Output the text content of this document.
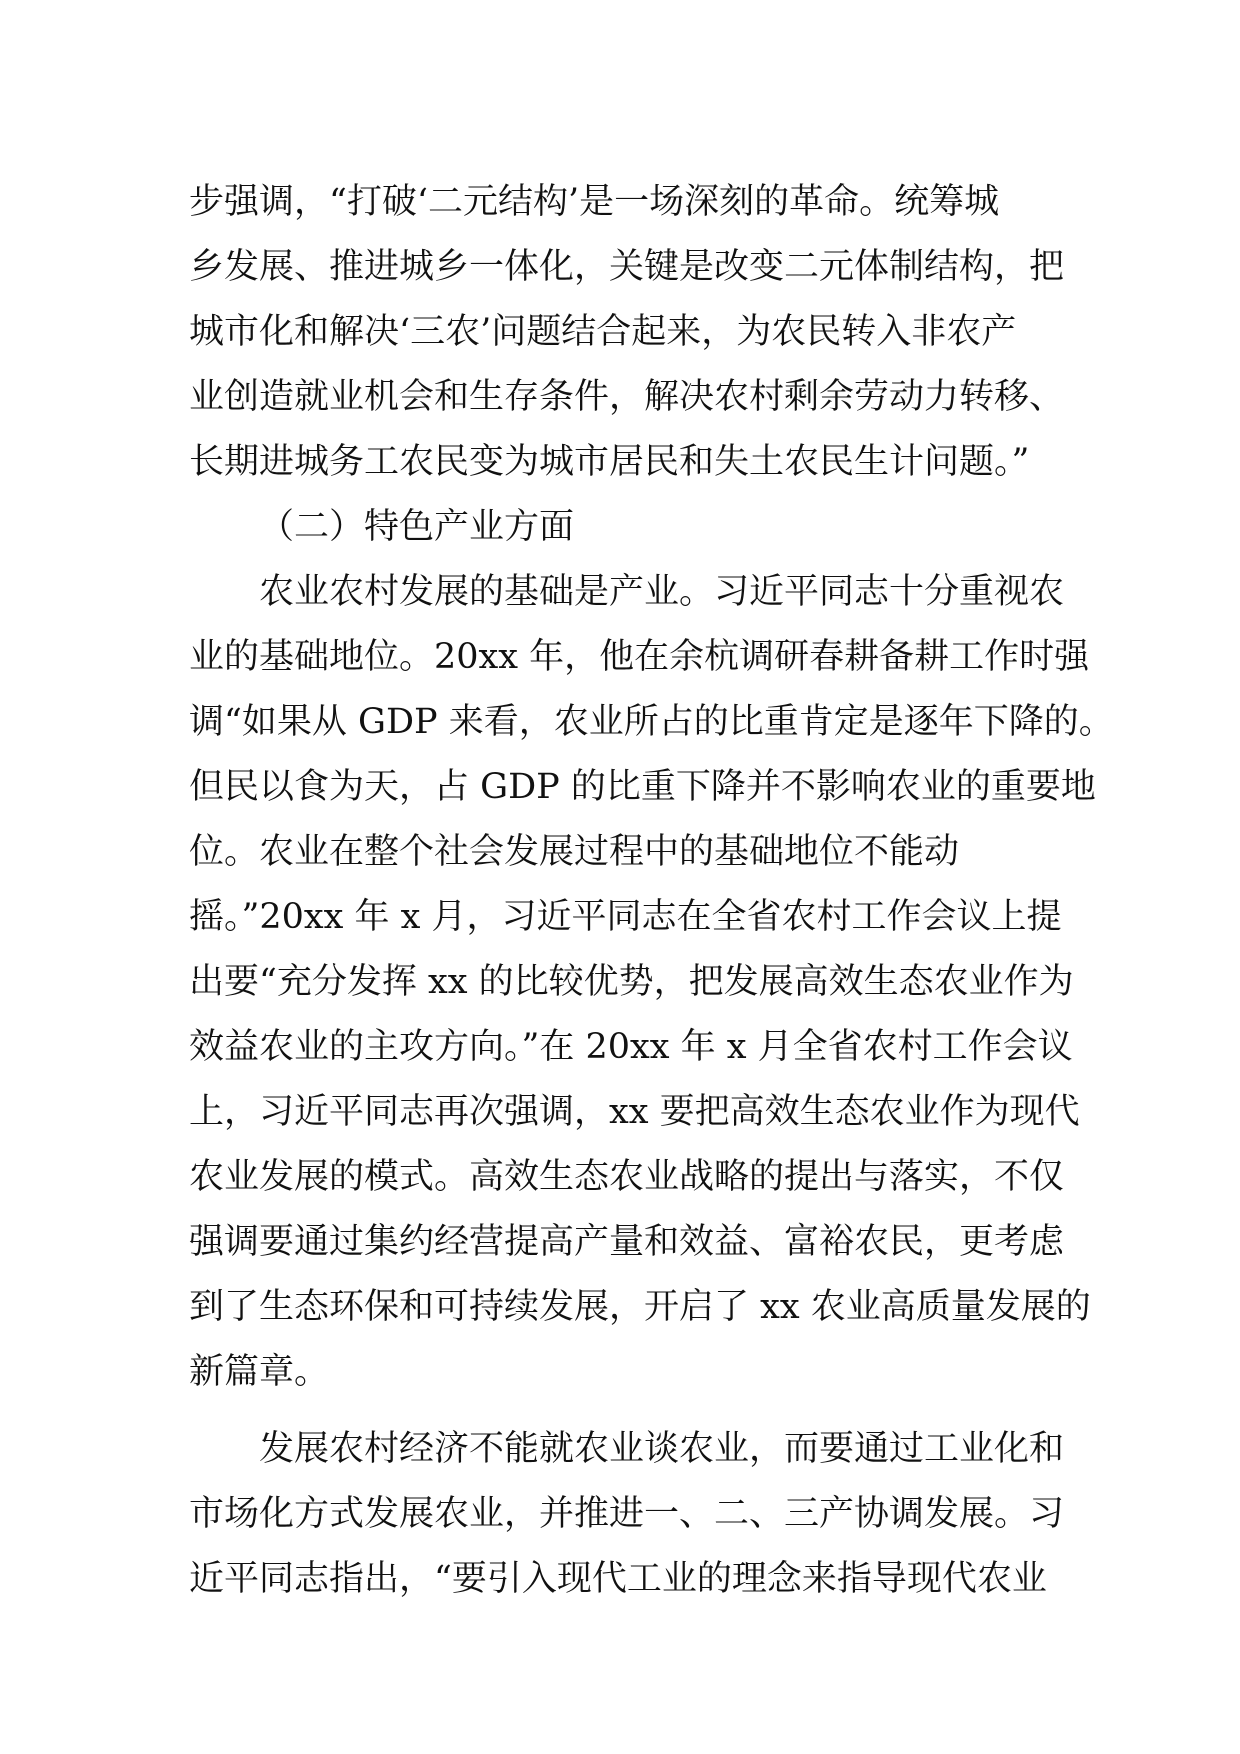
步强调，“打破‘二元结构’是一场深刻的革命。统筹城
乡发展、推进城乡一体化，关键是改变二元体制结构，把
城市化和解决‘三农’问题结合起来，为农民转入非农产
业创造就业机会和生存条件，解决农村剩余劳动力转移、
长期进城务工农民变为城市居民和失土农民生计问题。”
（二）特色产业方面
　　农业农村发展的基础是产业。习近平同志十分重视农
业的基础地位。20xx 年，他在余杭调研春耕备耕工作时强
调“如果从 GDP 来看，农业所占的比重肯定是逐年下降的。
但民以食为天，占 GDP 的比重下降并不影响农业的重要地
位。农业在整个社会发展过程中的基础地位不能动
摇。”20xx 年 x 月，习近平同志在全省农村工作会议上提
出要“充分发挥 xx 的比较优势，把发展高效生态农业作为
效益农业的主攻方向。”在 20xx 年 x 月全省农村工作会议
上，习近平同志再次强调，xx 要把高效生态农业作为现代
农业发展的模式。高效生态农业战略的提出与落实，不仅
强调要通过集约经营提高产量和效益、富裕农民，更考虑
到了生态环保和可持续发展，开启了 xx 农业高质量发展的
新篇章。
　　发展农村经济不能就农业谈农业，而要通过工业化和
市场化方式发展农业，并推进一、二、三产协调发展。习
近平同志指出，“要引入现代工业的理念来指导现代农业
